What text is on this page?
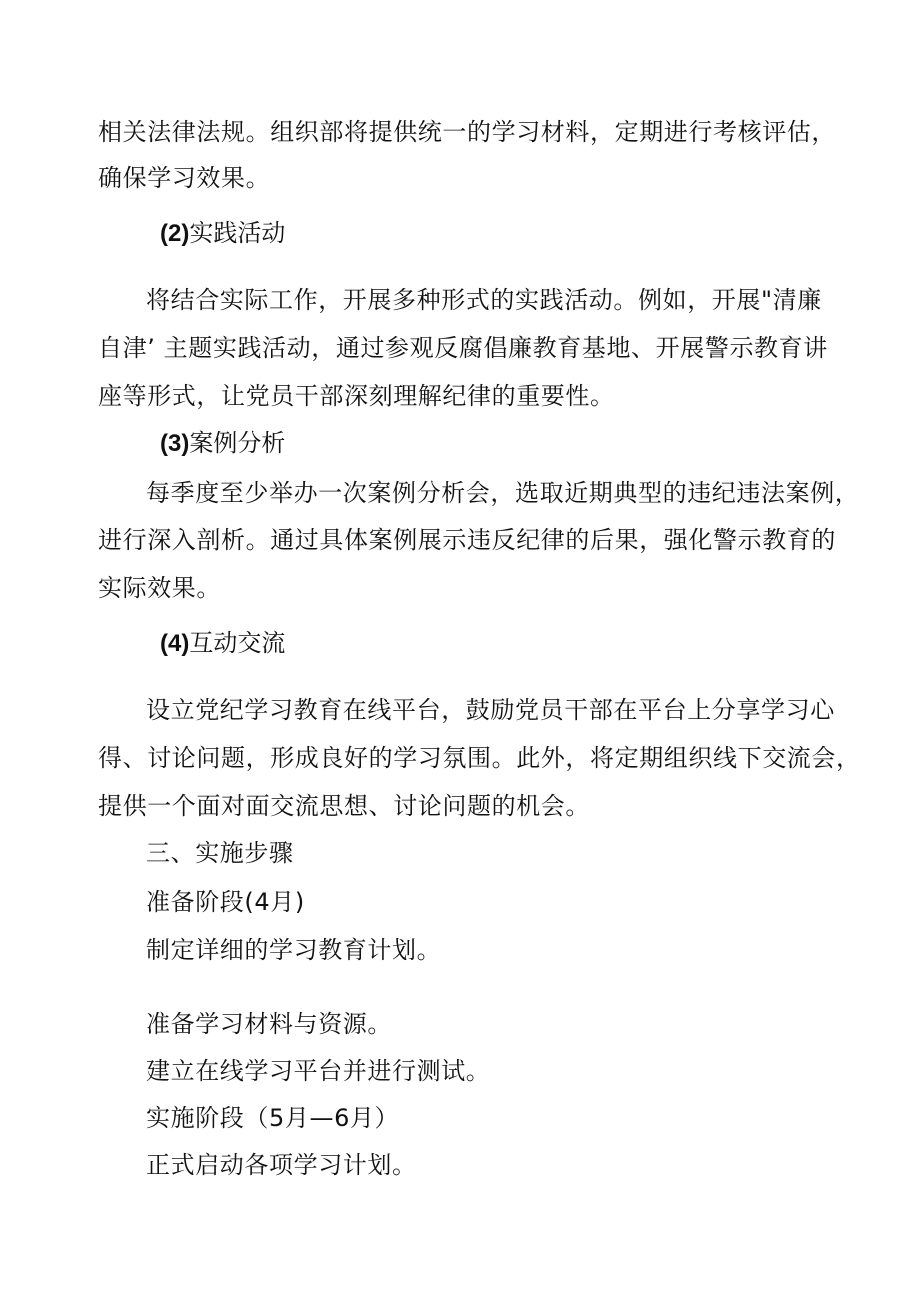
相关法律法规。组织部将提供统一的学习材料，定期进行考核评估，
确保学习效果。
(2)实践活动
将结合实际工作，开展多种形式的实践活动。例如，开展"清廉
自津’ 主题实践活动，通过参观反腐倡廉教育基地、开展警示教育讲
座等形式，让党员干部深刻理解纪律的重要性。
(3)案例分析
每季度至少举办一次案例分析会，选取近期典型的违纪违法案例，
进行深入剖析。通过具体案例展示违反纪律的后果，强化警示教育的
实际效果。
(4)互动交流
设立党纪学习教育在线平台，鼓励党员干部在平台上分享学习心
得、讨论问题，形成良好的学习氛围。此外，将定期组织线下交流会，
提供一个面对面交流思想、讨论问题的机会。
三、实施步骤
准备阶段(4月)
制定详细的学习教育计划。
准备学习材料与资源。
建立在线学习平台并进行测试。
实施阶段（5月—6月）
正式启动各项学习计划。
